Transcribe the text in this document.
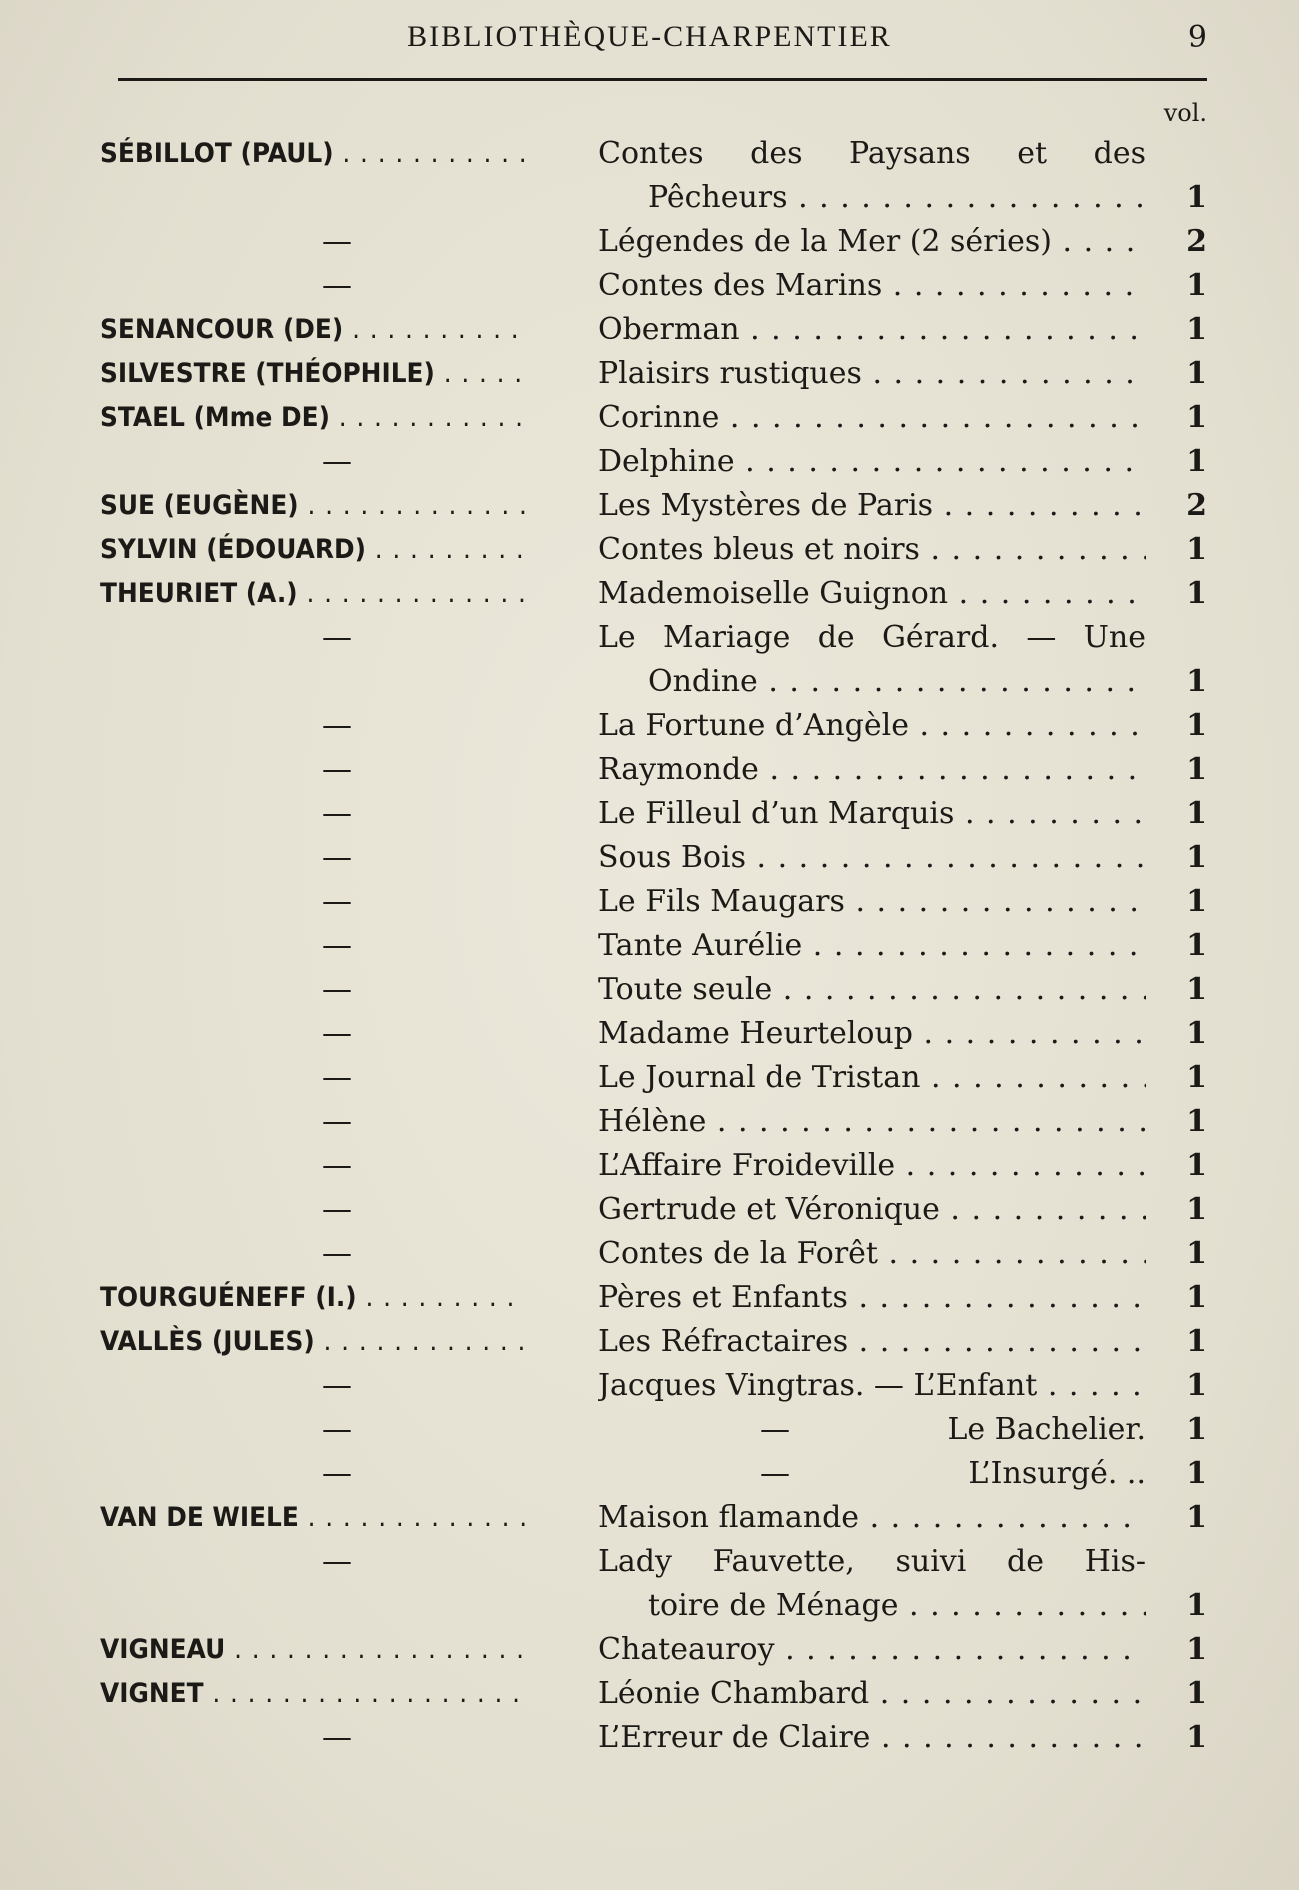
BIBLIOTHÈQUE-CHARPENTIER	9
vol.
SÉBILLOT (PAUL) . . .	Contes des Paysans et des
Pêcheurs . . .	1
—	Légendes de la Mer (2 séries) . . .	2
—	Contes des Marins . . .	1
SENANCOUR (DE) . . .	Oberman . . .	1
SILVESTRE (THÉOPHILE) . . .	Plaisirs rustiques . . .	1
STAEL (Mme DE) . . .	Corinne . . .	1
—	Delphine . . .	1
SUE (EUGÈNE) . . .	Les Mystères de Paris . . .	2
SYLVIN (ÉDOUARD) . . .	Contes bleus et noirs . . .	1
THEURIET (A.) . . .	Mademoiselle Guignon . . .	1
—	Le Mariage de Gérard. — Une
Ondine . . .	1
—	La Fortune d’Angèle . . .	1
—	Raymonde . . .	1
—	Le Filleul d’un Marquis . . .	1
—	Sous Bois . . .	1
—	Le Fils Maugars . . .	1
—	Tante Aurélie . . .	1
—	Toute seule . . .	1
—	Madame Heurteloup . . .	1
—	Le Journal de Tristan . . .	1
—	Hélène . . .	1
—	L’Affaire Froideville . . .	1
—	Gertrude et Véronique . . .	1
—	Contes de la Forêt . . .	1
TOURGUÉNEFF (I.) . . .	Pères et Enfants . . .	1
VALLÈS (JULES) . . .	Les Réfractaires . . .	1
—	Jacques Vingtras. — L’Enfant . . .	1
—	—	Le Bachelier.	1
—	—	L’Insurgé. ..	1
VAN DE WIELE . . .	Maison flamande . . .	1
—	Lady Fauvette, suivi de His-
toire de Ménage . . .	1
VIGNEAU . . .	Chateauroy . . .	1
VIGNET . . .	Léonie Chambard . . .	1
—	L’Erreur de Claire . . .	1
